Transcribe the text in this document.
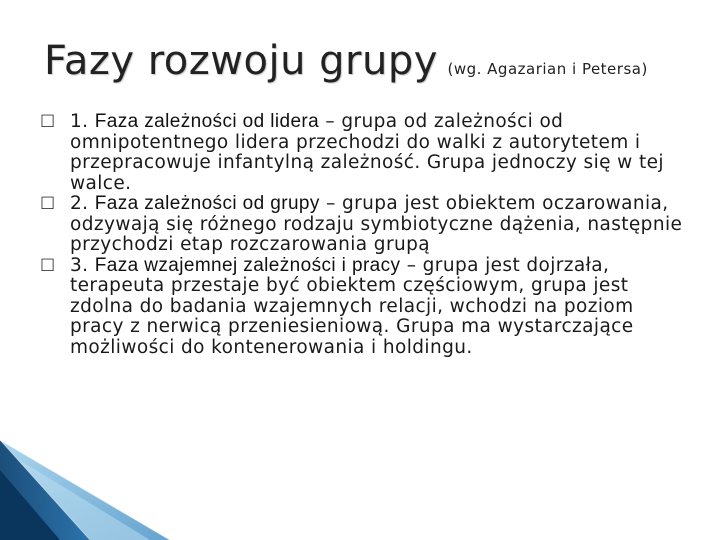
Fazy rozwoju grupy (wg. Agazarian i Petersa)
☐ 1. Faza zależności od lidera – grupa od zależności od omnipotentnego lidera przechodzi do walki z autorytetem i przepracowuje infantylną zależność. Grupa jednoczy się w tej walce.
☐ 2. Faza zależności od grupy – grupa jest obiektem oczarowania, odzywają się różnego rodzaju symbiotyczne dążenia, następnie przychodzi etap rozczarowania grupą
☐ 3. Faza wzajemnej zależności i pracy – grupa jest dojrzała, terapeuta przestaje być obiektem częściowym, grupa jest zdolna do badania wzajemnych relacji, wchodzi na poziom pracy z nerwicą przeniesieniową. Grupa ma wystarczające możliwości do kontenerowania i holdingu.
